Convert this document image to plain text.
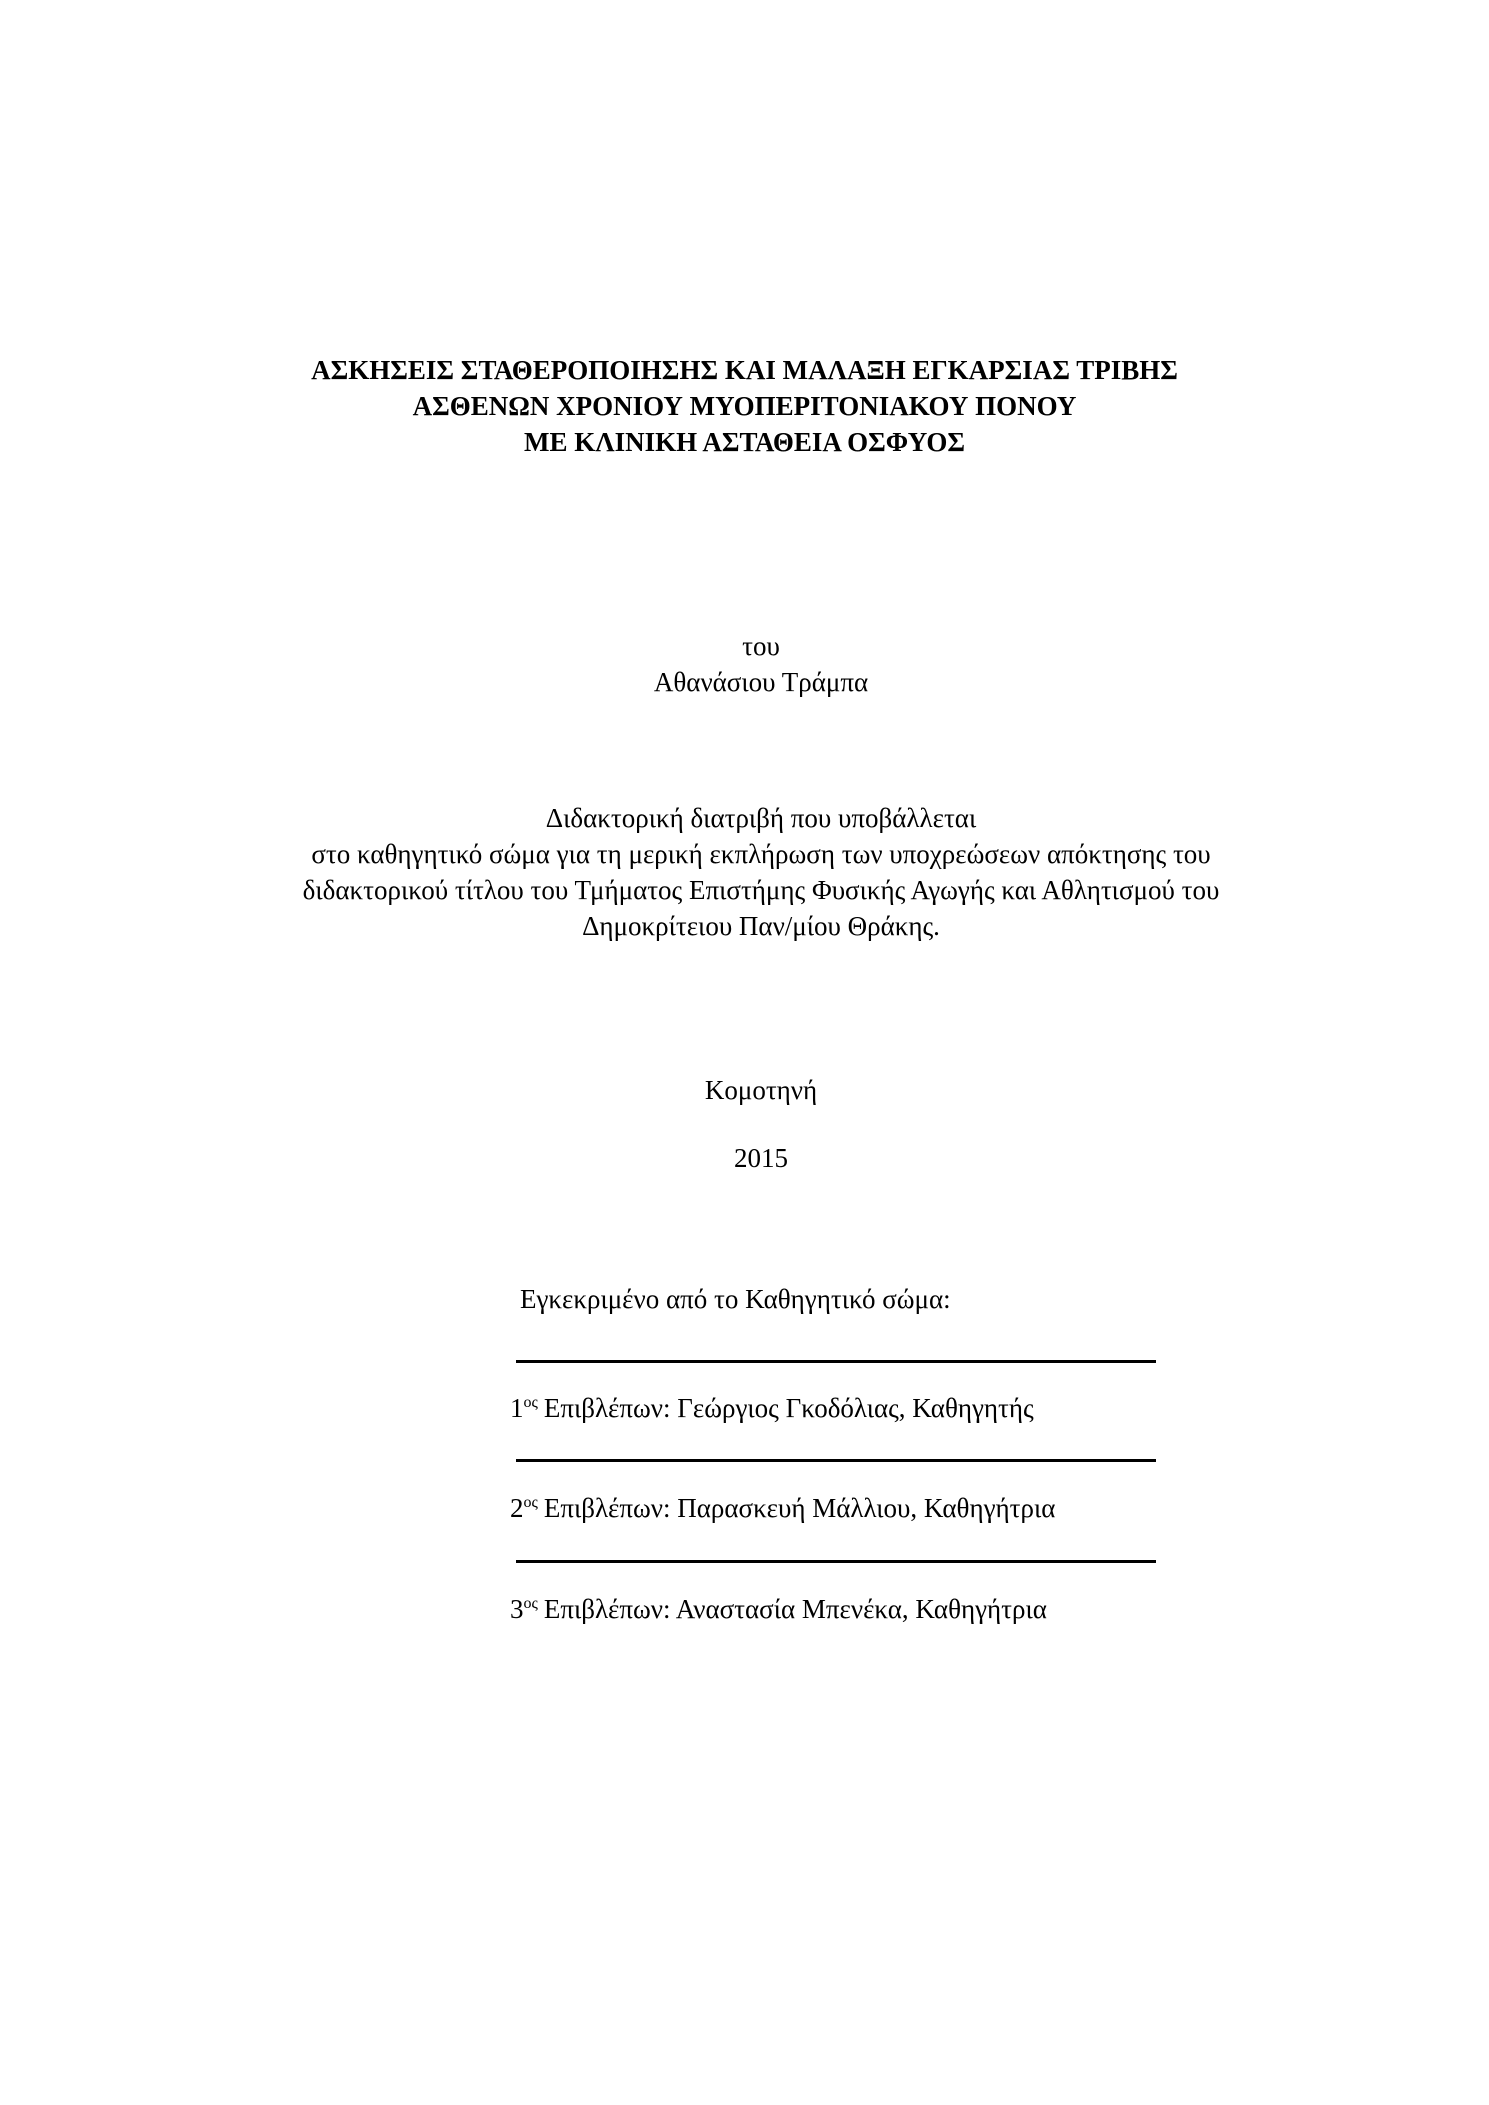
ΑΣΚΗΣΕΙΣ ΣΤΑΘΕΡΟΠΟΙΗΣΗΣ ΚΑΙ ΜΑΛΑΞΗ ΕΓΚΑΡΣΙΑΣ ΤΡΙΒΗΣ
ΑΣΘΕΝΩΝ ΧΡΟΝΙΟΥ ΜΥΟΠΕΡΙΤΟΝΙΑΚΟΥ ΠΟΝΟΥ
ΜΕ ΚΛΙΝΙΚΗ ΑΣΤΑΘΕΙΑ ΟΣΦΥΟΣ
του
Αθανάσιου Τράμπα
Διδακτορική διατριβή που υποβάλλεται
στο καθηγητικό σώμα για τη μερική εκπλήρωση των υποχρεώσεων απόκτησης του
διδακτορικού τίτλου του Τμήματος Επιστήμης Φυσικής Αγωγής και Αθλητισμού του
Δημοκρίτειου Παν/μίου Θράκης.
Κομοτηνή
2015
Εγκεκριμένο από το Καθηγητικό σώμα:
$1^{o\varsigma}$ Επιβλέπων: Γεώργιος Γκοδόλιας, Καθηγητής
$2^{o\varsigma}$ Επιβλέπων: Παρασκευή Μάλλιου, Καθηγήτρια
$3^{o\varsigma}$ Επιβλέπων: Αναστασία Μπενέκα, Καθηγήτρια
